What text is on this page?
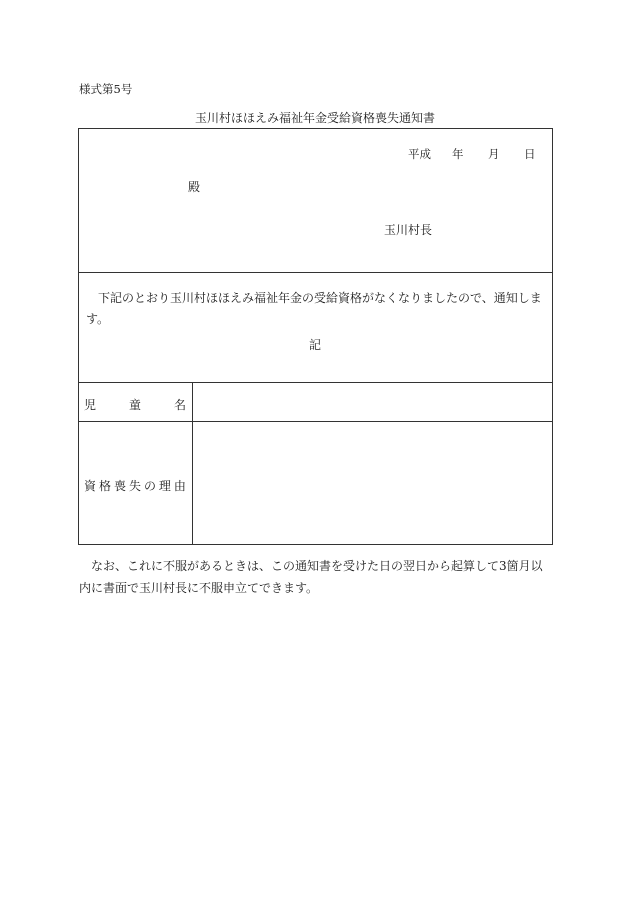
様式第5号
玉川村ほほえみ福祉年金受給資格喪失通知書
平成 年 月 日
殿
玉川村長
下記のとおり玉川村ほほえみ福祉年金の受給資格がなくなりましたので、通知します。
記
児	童	名
資 格 喪 失 の 理 由
なお、これに不服があるときは、この通知書を受けた日の翌日から起算して3箇月以内に書面で玉川村長に不服申立てできます。
